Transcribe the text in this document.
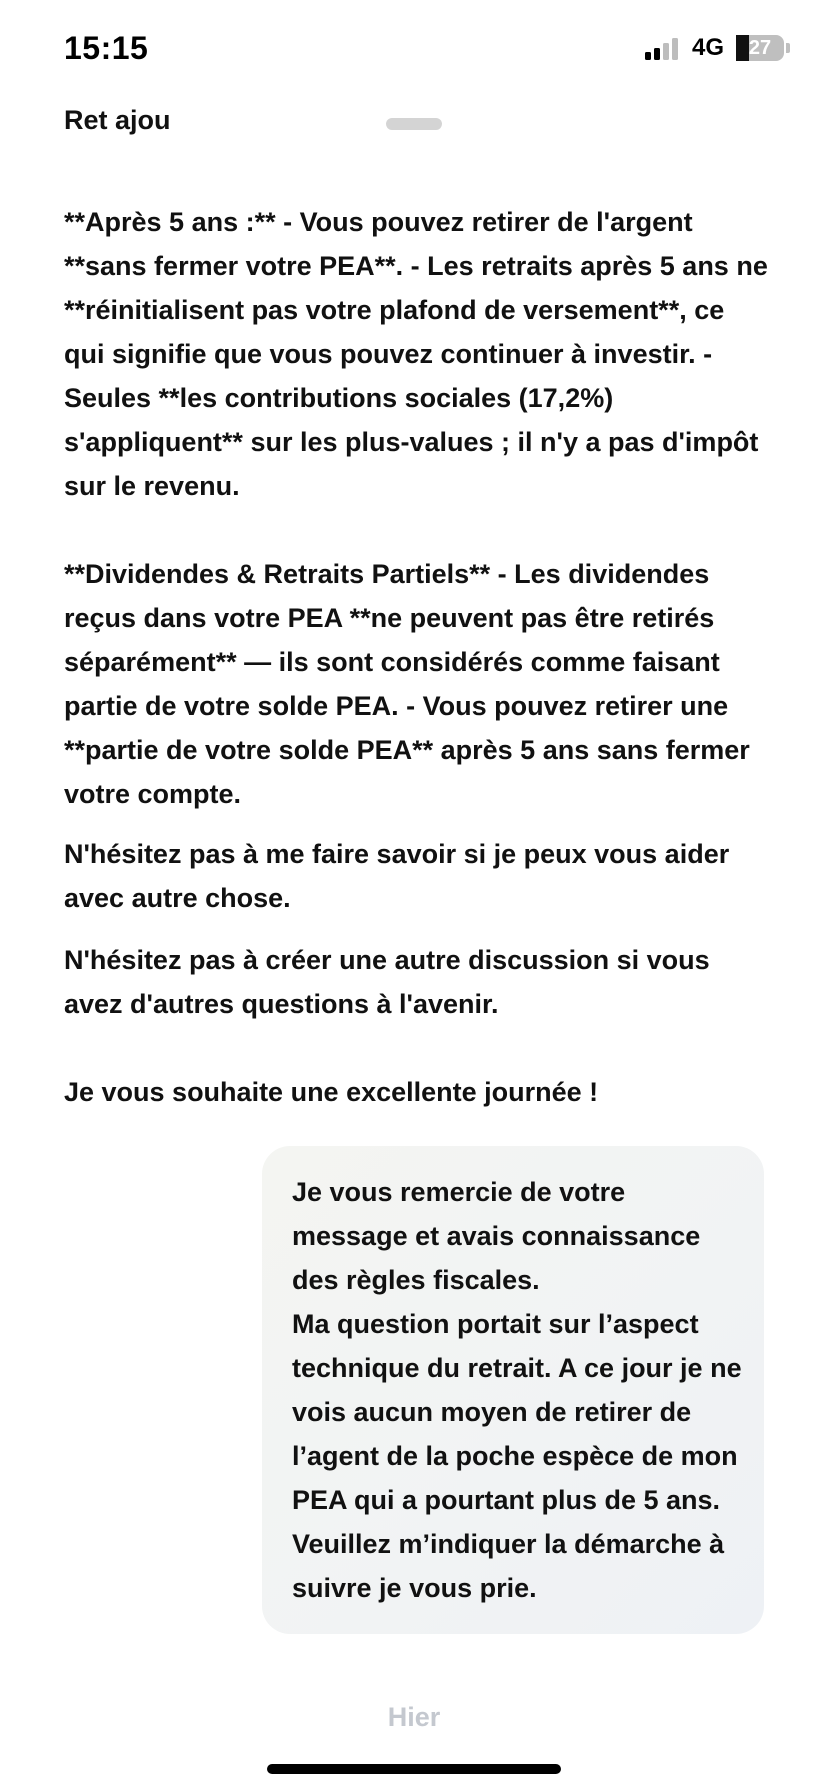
15:15	4G	27
Ret ajou
**Après 5 ans :** - Vous pouvez retirer de l'argent **sans fermer votre PEA**. - Les retraits après 5 ans ne **réinitialisent pas votre plafond de versement**, ce qui signifie que vous pouvez continuer à investir. - Seules **les contributions sociales (17,2%) s'appliquent** sur les plus-values ; il n'y a pas d'impôt sur le revenu.
**Dividendes & Retraits Partiels** - Les dividendes reçus dans votre PEA **ne peuvent pas être retirés séparément** — ils sont considérés comme faisant partie de votre solde PEA. - Vous pouvez retirer une **partie de votre solde PEA** après 5 ans sans fermer votre compte.
N'hésitez pas à me faire savoir si je peux vous aider avec autre chose.
N'hésitez pas à créer une autre discussion si vous avez d'autres questions à l'avenir.
Je vous souhaite une excellente journée !
Je vous remercie de votre message et avais connaissance des règles fiscales.
Ma question portait sur l’aspect technique du retrait. A ce jour je ne vois aucun moyen de retirer de l’agent de la poche espèce de mon PEA qui a pourtant plus de 5 ans. Veuillez m’indiquer la démarche à suivre je vous prie.
Hier
